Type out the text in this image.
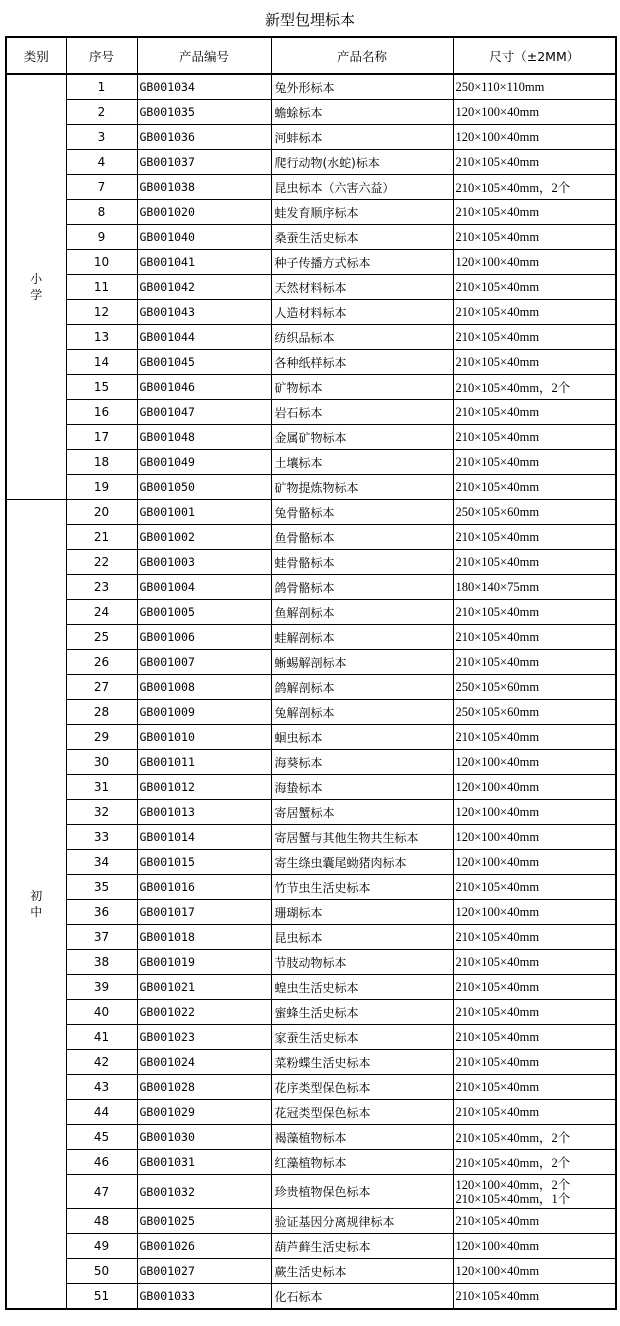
新型包埋标本
类别	序号	产品编号	产品名称	尺寸（±2MM）
小
学	1	GB001034	兔外形标本	250×110×110mm
	2	GB001035	蟾蜍标本	120×100×40mm
	3	GB001036	河蚌标本	120×100×40mm
	4	GB001037	爬行动物(水蛇)标本	210×105×40mm
	7	GB001038	昆虫标本（六害六益）	210×105×40mm，2个
	8	GB001020	蛙发育顺序标本	210×105×40mm
	9	GB001040	桑蚕生活史标本	210×105×40mm
	10	GB001041	种子传播方式标本	120×100×40mm
	11	GB001042	天然材料标本	210×105×40mm
	12	GB001043	人造材料标本	210×105×40mm
	13	GB001044	纺织品标本	210×105×40mm
	14	GB001045	各种纸样标本	210×105×40mm
	15	GB001046	矿物标本	210×105×40mm，2个
	16	GB001047	岩石标本	210×105×40mm
	17	GB001048	金属矿物标本	210×105×40mm
	18	GB001049	土壤标本	210×105×40mm
	19	GB001050	矿物提炼物标本	210×105×40mm
初
中	20	GB001001	兔骨骼标本	250×105×60mm
	21	GB001002	鱼骨骼标本	210×105×40mm
	22	GB001003	蛙骨骼标本	210×105×40mm
	23	GB001004	鸽骨骼标本	180×140×75mm
	24	GB001005	鱼解剖标本	210×105×40mm
	25	GB001006	蛙解剖标本	210×105×40mm
	26	GB001007	蜥蜴解剖标本	210×105×40mm
	27	GB001008	鸽解剖标本	250×105×60mm
	28	GB001009	兔解剖标本	250×105×60mm
	29	GB001010	蛔虫标本	210×105×40mm
	30	GB001011	海葵标本	120×100×40mm
	31	GB001012	海蛰标本	120×100×40mm
	32	GB001013	寄居蟹标本	120×100×40mm
	33	GB001014	寄居蟹与其他生物共生标本	120×100×40mm
	34	GB001015	寄生绦虫囊尾蚴猪肉标本	120×100×40mm
	35	GB001016	竹节虫生活史标本	210×105×40mm
	36	GB001017	珊瑚标本	120×100×40mm
	37	GB001018	昆虫标本	210×105×40mm
	38	GB001019	节肢动物标本	210×105×40mm
	39	GB001021	蝗虫生活史标本	210×105×40mm
	40	GB001022	蜜蜂生活史标本	210×105×40mm
	41	GB001023	家蚕生活史标本	210×105×40mm
	42	GB001024	菜粉蝶生活史标本	210×105×40mm
	43	GB001028	花序类型保色标本	210×105×40mm
	44	GB001029	花冠类型保色标本	210×105×40mm
	45	GB001030	褐藻植物标本	210×105×40mm，2个
	46	GB001031	红藻植物标本	210×105×40mm，2个
	47	GB001032	珍贵植物保色标本	120×100×40mm，2个
210×105×40mm，1个

	48	GB001025	验证基因分离规律标本	210×105×40mm
	49	GB001026	葫芦藓生活史标本	120×100×40mm
	50	GB001027	蕨生活史标本	120×100×40mm
	51	GB001033	化石标本	210×105×40mm
